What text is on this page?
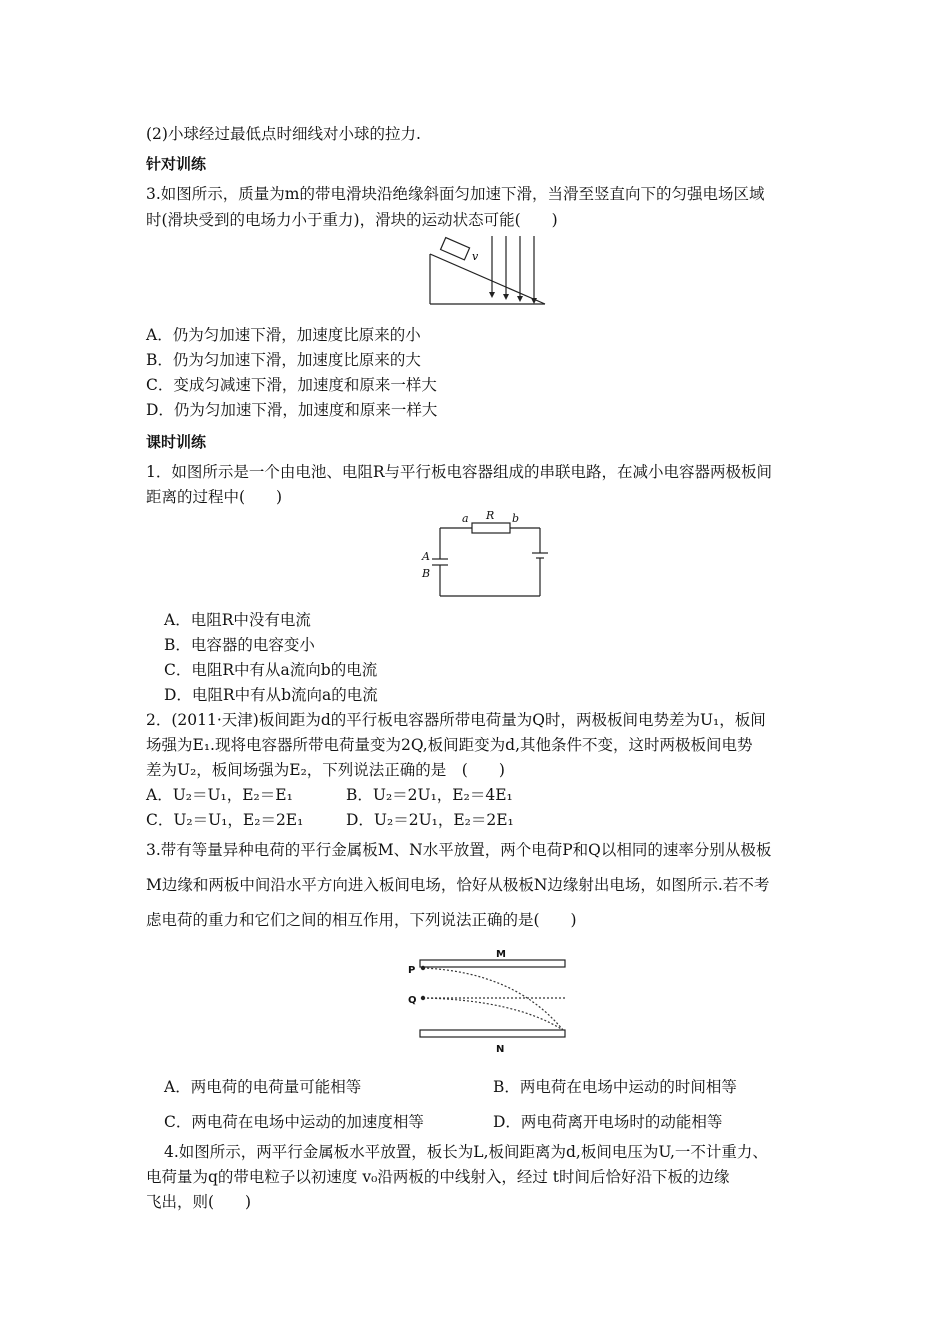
(2)小球经过最低点时细线对小球的拉力.
针对训练
3.如图所示，质量为m的带电滑块沿绝缘斜面匀加速下滑，当滑至竖直向下的匀强电场区域
时(滑块受到的电场力小于重力)，滑块的运动状态可能(　　)
v
A．仍为匀加速下滑，加速度比原来的小
B．仍为匀加速下滑，加速度比原来的大
C．变成匀减速下滑，加速度和原来一样大
D．仍为匀加速下滑，加速度和原来一样大
课时训练
1．如图所示是一个由电池、电阻R与平行板电容器组成的串联电路，在减小电容器两极板间
距离的过程中(　　)
a R b
A
B
A．电阻R中没有电流
B．电容器的电容变小
C．电阻R中有从a流向b的电流
D．电阻R中有从b流向a的电流
2．(2011·天津)板间距为d的平行板电容器所带电荷量为Q时，两极板间电势差为U₁，板间
场强为E₁.现将电容器所带电荷量变为2Q,板间距变为d,其他条件不变，这时两极板间电势
差为U₂，板间场强为E₂，下列说法正确的是　(　　)
A．U₂＝U₁，E₂＝E₁	B．U₂＝2U₁，E₂＝4E₁
C．U₂＝U₁，E₂＝2E₁	D．U₂＝2U₁，E₂＝2E₁
3.带有等量异种电荷的平行金属板M、N水平放置，两个电荷P和Q以相同的速率分别从极板
M边缘和两板中间沿水平方向进入板间电场，恰好从极板N边缘射出电场，如图所示.若不考
虑电荷的重力和它们之间的相互作用，下列说法正确的是(　　)
M
N
P
Q
A．两电荷的电荷量可能相等	B．两电荷在电场中运动的时间相等
C．两电荷在电场中运动的加速度相等	D．两电荷离开电场时的动能相等
4.如图所示，两平行金属板水平放置，板长为L,板间距离为d,板间电压为U,一不计重力、
电荷量为q的带电粒子以初速度 v₀沿两板的中线射入，经过 t时间后恰好沿下板的边缘
飞出，则(　　)
